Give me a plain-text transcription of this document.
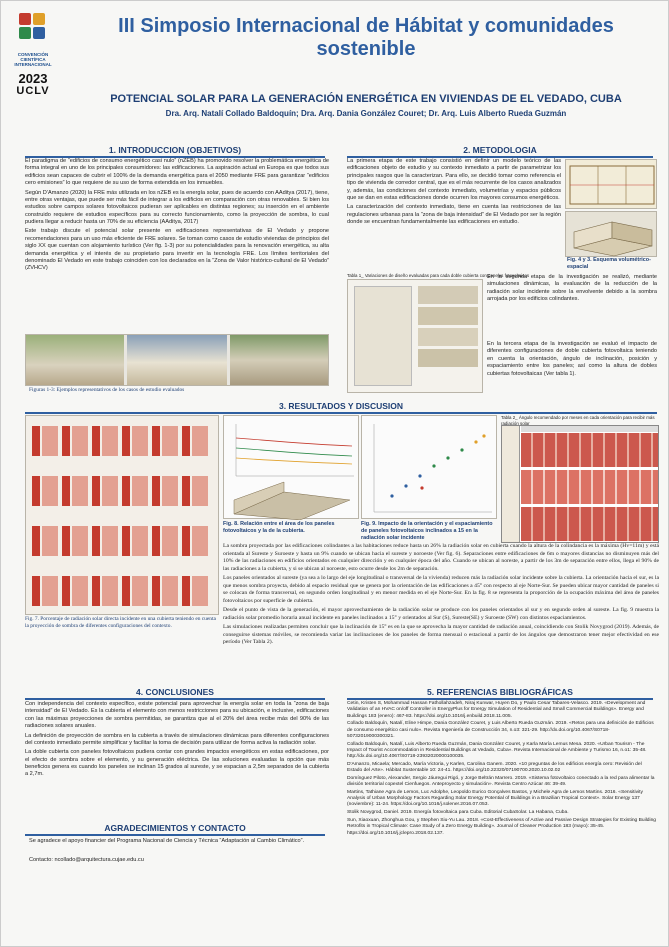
CONVENCIÓN CIENTÍFICA INTERNACIONAL
2023
UCLV
III Simposio Internacional de Hábitat y comunidades sostenible
POTENCIAL SOLAR PARA LA GENERACIÓN ENERGÉTICA EN VIVIENDAS DE EL VEDADO, CUBA
Dra. Arq. Natalí Collado Baldoquín; Dra. Arq. Dania González Couret; Dr. Arq. Luis Alberto Rueda Guzmán
1. INTRODUCCION (OBJETIVOS)

El paradigma de “edificios de consumo energético casi nulo” (nZEB) ha promovido resolver la problemática energética de forma integral en uno de los principales consumidores: las edificaciones. La aspiración actual en Europa es que todos sus edificios sean capaces de cubrir el 100% de la demanda energética para el 2050 mediante FRE para garantizar “edificios cero emisiones” lo que requiere de su uso de forma extendida en los inmuebles.

Según D’Amanzo (2020) la FRE más utilizada en los nZEB es la energía solar, pues de acuerdo con AAditya (2017), tiene, entre otras ventajas, que puede ser más fácil de integrar a los edificios en comparación con otras renovables. Si bien los estudios sobre campos solares fotovoltaicos pudieran ser aplicables en distintas regiones; su inserción en el ambiente construido requiere de estudios específicos para su correcto funcionamiento, como la proyección de sombra, lo cual pudiera llegar a reducir hasta un 70% de su eficiencia (AAditya, 2017)

Este trabajo discute el potencial solar presente en edificaciones representativas de El Vedado y propone recomendaciones para un uso más eficiente de FRE solares. Se toman como casos de estudio viviendas de principios del siglo XX que cuentan con alojamiento turístico (Ver fig. 1-3) por su potencialidades para la renovación energética, su alta demanda energética y el interés de su propietario para invertir en la tecnología FRE. Los límites territoriales del denominado El Vedado en este trabajo coinciden con los declarados en la “Zona de Valor histórico-cultural de El Vedado” (ZVHCV)

Figuras 1-3: Ejemplos representativos de los casos de estudio evaluados
2. METODOLOGIA

La primera etapa de este trabajo consistió en definir un modelo teórico de las edificaciones objeto de estudio y su contexto inmediato a partir de parametrizar los principales rasgos que la caracterizan. Para ello, se decidió tomar como referencia el tipo de vivienda de corredor central, que es el más recurrente de los casos analizados y, además, las condiciones del contexto inmediato, volumetrías y espacios públicos que se dan en estas edificaciones donde ocurren los mayores consumos energéticos.

La caracterización del contexto inmediato, tiene en cuenta las restricciones de las regulaciones urbanas para la “zona de baja intensidad” de El Vedado por ser la región donde se encuentran fundamentalmente las edificaciones en estudio.

Fig. 4 y 3. Esquema volumétrico-espacial
Tabla 1_ Variaciones de diseño evaluadas para cada doble cubierta con paneles fotovoltaicos
En la segunda etapa de la investigación se realizó, mediante simulaciones dinámicas, la evaluación de la reducción de la radiación solar incidente sobre la envolvente debido a la sombra arrojada por los edificios colindantes.
En la tercera etapa de la investigación se evaluó el impacto de diferentes configuraciones de doble cubierta fotovoltaica teniendo en cuenta la orientación, ángulo de inclinación, posición y espaciamiento entre los paneles; así como la altura de dobles cubiertas fotovoltaicas (Ver tabla 1).
3. RESULTADOS Y DISCUSION
Fig. 7. Porcentaje de radiación solar directa incidente en una cubierta teniendo en cuenta la proyección de sombra de diferentes configuraciones del contexto.
Fig. 8. Relación entre el área de los paneles fotovoltaicos y la de la cubierta.
Fig. 9. Impacto de la orientación y el espaciamiento de paneles fotovoltaicos inclinados a 15 en la radiación solar incidente
Tabla 2_ Ángulo recomendado por meses en cada orientación para recibir más radiación solar

La sombra proyectada por las edificaciones colindantes a las habitaciones reduce hasta un 26% la radiación solar en cubierta cuando la altura de la colindancia es la máxima (Hv=11m) y está orientada al Sureste y Suroeste y hasta un 9% cuando se ubican hacia el sureste y noroeste (Ver fig. 6). Separaciones entre edificaciones de 6m o mayores distancias no disminuyen más del 10% de las radiaciones en edificios orientados en cualquier dirección y en cualquier época del año. Cuando se ubican al noreste, a partir de los 3m de separación entre ellos, llega el 90% de las radiaciones a la cubierta, y si se ubican al noroeste, esto ocurre desde los 2m de separación.

Los paneles orientados al sureste (ya sea a lo largo del eje longitudinal o transversal de la vivienda) reducen más la radiación solar incidente sobre la cubierta. La orientación hacia el sur, es la que menos sombra proyecta, debido al espacio residual que se genera por la orientación de las edificaciones a 45° con respecto al eje Norte-Sur. Se pueden ubicar mayor cantidad de paneles si se colocan de forma transversal, en segundo orden longitudinal y en menor medida en el eje Norte-Sur. En la fig. 8 se representa la proporción de la ocupación máxima del área de paneles fotovoltaicos por superficie de cubierta.

Desde el punto de vista de la generación, el mayor aprovechamiento de la radiación solar se produce con los paneles orientados al sur y en segundo orden al sureste. La fig. 9 muestra la radiación solar promedio horaria anual incidente en paneles inclinados a 15° y orientados al Sur (S), Sureste(SE) y Suroeste (SW) con distintos espaciamientos.

Las simulaciones realizadas permiten concluir que la inclinación de 15° es en la que se aprovecha la mayor cantidad de radiación anual, coincidiendo con Stolik Novygrod (2019). Además, de conseguirse sistemas móviles, se recomienda variar las inclinaciones de los paneles de forma mensual o estacional a partir de los ángulos que demostraron tener mejor efectividad en ese período (Ver Tabla 2).

4. CONCLUSIONES

Con independencia del contexto específico, existe potencial para aprovechar la energía solar en toda la “zona de baja intensidad” de El Vedado. Es la cubierta el elemento con menos restricciones para su ubicación, e inclusive, edificaciones con las máximas proyecciones de sombra permitidas, se garantiza que al el 20% del área recibe más del 90% de las radiaciones solares anuales.

La definición de proyección de sombra en la cubierta a través de simulaciones dinámicas para diferentes configuraciones del contexto inmediato permite simplificar y facilitar la toma de decisión para utilizar de forma activa la radiación solar.

La doble cubierta con paneles fotovoltaicos pudiera contar con grandes impactos energéticos en estas edificaciones, por el efecto de sombra sobre el elemento, y su generación eléctrica. De las soluciones evaluadas la opción que más beneficios genera es cuando los paneles se inclinan 15 grados al sureste, y se espacian a 2,5m separados de la cubierta a 2,7m.

AGRADECIMIENTOS Y CONTACTO
Se agradece el apoyo financier del Programa Nacional de Ciencia y Técnica “Adaptación al Cambio Climático”.
Contacto: ncollado@arquitectura.cujae.edu.cu
5. REFERENCIAS BIBLIOGRÁFICAS

Cetin, Kristen S, Mohammad Hassan Fathollahzadeh, Niraj Kunwar, Huyen Do, y Paulo Cesar Tabares-Velasco. 2019. «Development and Validation of an HVAC on/off Controller in EnergyPlus for Energy Simulation of Residential and Small Commercial Buildings». Energy and Buildings 183 (enero): 467-83. https://doi.org/10.1016/j.enbuild.2018.11.005.

Collado Baldoquín, Natalí, Eline Himpe, Dania González Couret, y Luis Alberto Rueda Guzmán. 2019. «Retos para una definición de Edificios de consumo energético casi nulo». Revista Ingeniería de Construcción 34, n.o3: 321-29. http://dx.doi.org/10.4067/S0718-50732019000300321.

Collado Baldoquín, Natalí, Luis Alberto Rueda Guzmán, Dania González Couret, y Karla María Lemus Mesa. 2020. «Urban Tourism - The Impact of Tourist Accommodation in Residential Buildings at Vedado, Cuba». Revista Internacional de Ambiente y Turismo 16, n.o1: 35-48. http://dx.doi.org/10.4067/S0718-23932020000100035.

D'Amanzo, Micaela; Mercado, María Victoria, y Karlen, Carolina Ganem. 2020. «10 preguntas de los edificios energía cero: Revisión del Estado del Arte». Hábitat Sustentable 10: 24-41. https://doi.org/10.22320/07190700.2020.10.02.02

Domínguez Piloto, Alexander, Sergio Jáuregui Rigó, y Jorge Beltrán Marrero. 2019. «Sistema fotovoltaico conectado a la red para alimentar la división territorial copextel Cienfuegos. Anteproyecto y simulación». Revista Centro Azúcar 46: 39-49.

Martins, Tathiane Agra de Lemos, Luc Adolphe, Leopoldo Eurico Gonçalves Bastos, y Michele Agra de Lemos Martins. 2016. «Sensitivity Analysis of Urban Morphology Factors Regarding Solar Energy Potential of Buildings in a Brazilian Tropical Context». Solar Energy 137 (noviembre): 11-24. https://doi.org/10.1016/j.solener.2016.07.053.

Stolik Novygrod, Daniel. 2019. Energía fotovoltaica para Cuba. Editorial CubaSolar. La Habana, Cuba.

Sun, Xiaoxuan, Zhonghua Gou, y Stephen Siu-Yu Lau. 2018. «Cost-Effectiveness of Active and Passive Design Strategies for Existing Building Retrofits in Tropical Climate: Case Study of a Zero Energy Building». Journal of Cleaner Production 183 (mayo): 35-45. https://doi.org/10.1016/j.jclepro.2018.02.137.
